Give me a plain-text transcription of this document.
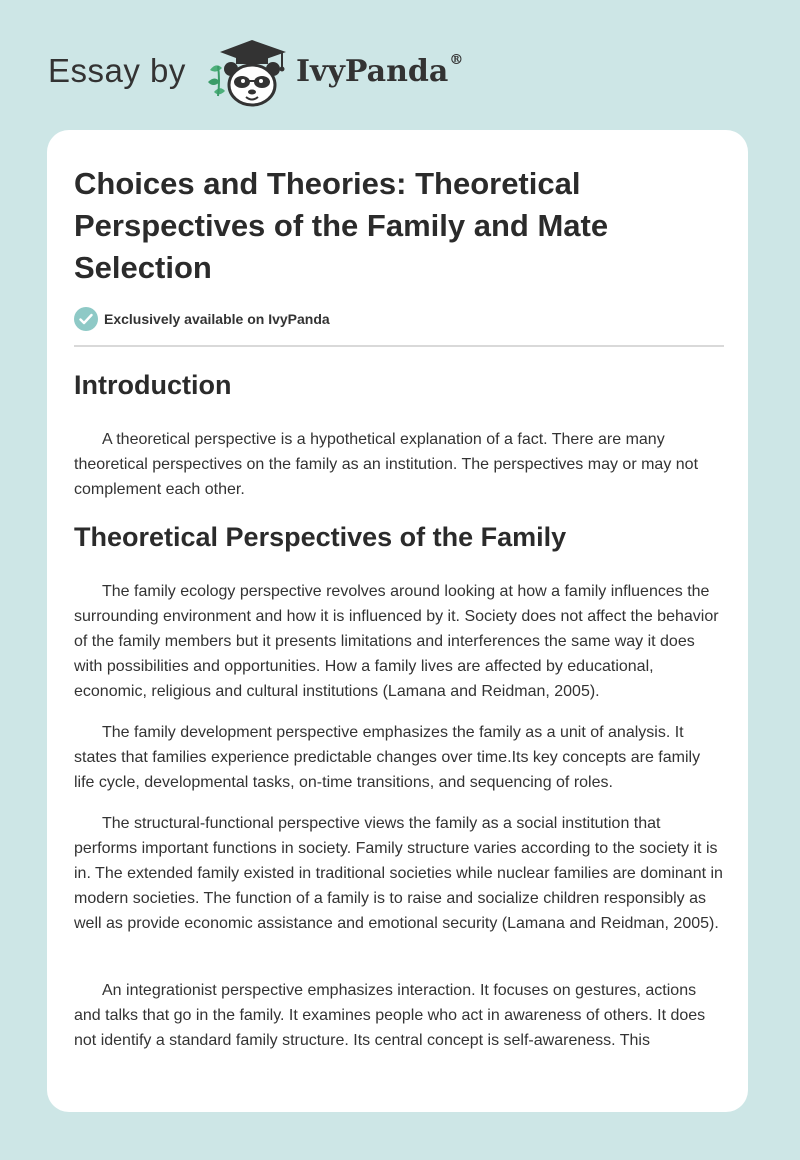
Essay by	IvyPanda®
Choices and Theories: Theoretical Perspectives of the Family and Mate Selection
Exclusively available on IvyPanda
Introduction

A theoretical perspective is a hypothetical explanation of a fact. There are many theoretical perspectives on the family as an institution. The perspectives may or may not complement each other.

Theoretical Perspectives of the Family

The family ecology perspective revolves around looking at how a family influences the surrounding environment and how it is influenced by it. Society does not affect the behavior of the family members but it presents limitations and interferences the same way it does with possibilities and opportunities. How a family lives are affected by educational, economic, religious and cultural institutions (Lamana and Reidman, 2005).

The family development perspective emphasizes the family as a unit of analysis. It states that families experience predictable changes over time.Its key concepts are family life cycle, developmental tasks, on-time transitions, and sequencing of roles.

The structural-functional perspective views the family as a social institution that performs important functions in society. Family structure varies according to the society it is in. The extended family existed in traditional societies while nuclear families are dominant in modern societies. The function of a family is to raise and socialize children responsibly as well as provide economic assistance and emotional security (Lamana and Reidman, 2005).

An integrationist perspective emphasizes interaction. It focuses on gestures, actions and talks that go in the family. It examines people who act in awareness of others. It does not identify a standard family structure. Its central concept is self-awareness. This
